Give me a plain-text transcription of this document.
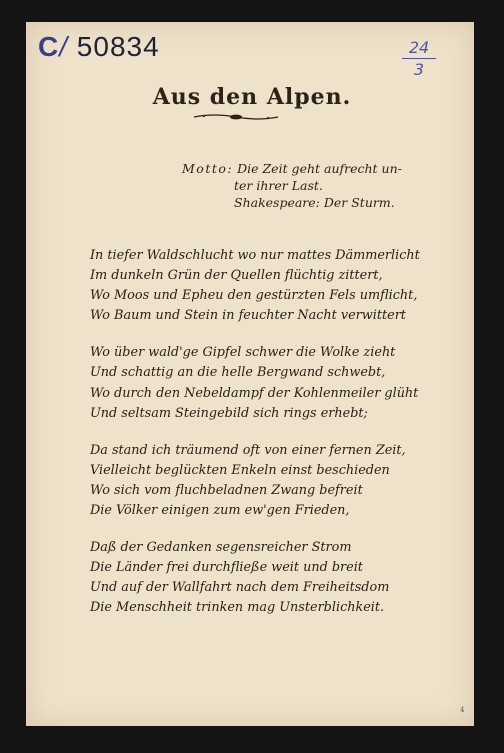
C/ 50834	24
3
Aus den Alpen.
Motto: Die Zeit geht aufrecht un-
ter ihrer Last.
Shakespeare: Der Sturm.
In tiefer Waldschlucht wo nur mattes Dämmerlicht
Im dunkeln Grün der Quellen flüchtig zittert,
Wo Moos und Epheu den gestürzten Fels umflicht,
Wo Baum und Stein in feuchter Nacht verwittert
Wo über wald'ge Gipfel schwer die Wolke zieht
Und schattig an die helle Bergwand schwebt,
Wo durch den Nebeldampf der Kohlenmeiler glüht
Und seltsam Steingebild sich rings erhebt;
Da stand ich träumend oft von einer fernen Zeit,
Vielleicht beglückten Enkeln einst beschieden
Wo sich vom fluchbeladnen Zwang befreit
Die Völker einigen zum ew'gen Frieden,
Daß der Gedanken segensreicher Strom
Die Länder frei durchfließe weit und breit
Und auf der Wallfahrt nach dem Freiheitsdom
Die Menschheit trinken mag Unsterblichkeit.
4
